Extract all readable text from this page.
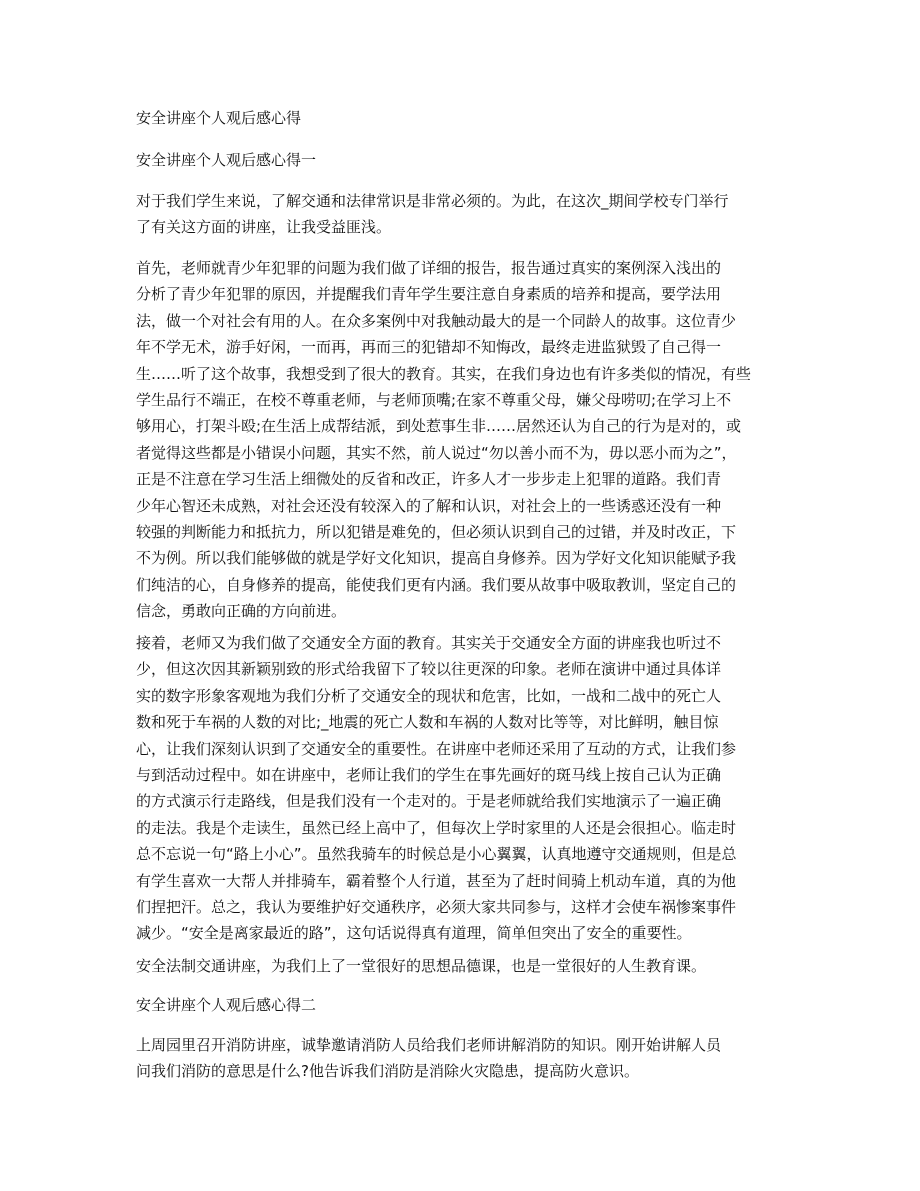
安全讲座个人观后感心得
安全讲座个人观后感心得一
对于我们学生来说，了解交通和法律常识是非常必须的。为此，在这次_期间学校专门举行
了有关这方面的讲座，让我受益匪浅。
首先，老师就青少年犯罪的问题为我们做了详细的报告，报告通过真实的案例深入浅出的
分析了青少年犯罪的原因，并提醒我们青年学生要注意自身素质的培养和提高，要学法用
法，做一个对社会有用的人。在众多案例中对我触动最大的是一个同龄人的故事。这位青少
年不学无术，游手好闲，一而再，再而三的犯错却不知悔改，最终走进监狱毁了自己得一
生……听了这个故事，我想受到了很大的教育。其实，在我们身边也有许多类似的情况，有些
学生品行不端正，在校不尊重老师，与老师顶嘴;在家不尊重父母，嫌父母唠叨;在学习上不
够用心，打架斗殴;在生活上成帮结派，到处惹事生非……居然还认为自己的行为是对的，或
者觉得这些都是小错误小问题，其实不然，前人说过“勿以善小而不为，毋以恶小而为之”，
正是不注意在学习生活上细微处的反省和改正，许多人才一步步走上犯罪的道路。我们青
少年心智还未成熟，对社会还没有较深入的了解和认识，对社会上的一些诱惑还没有一种
较强的判断能力和抵抗力，所以犯错是难免的，但必须认识到自己的过错，并及时改正，下
不为例。所以我们能够做的就是学好文化知识，提高自身修养。因为学好文化知识能赋予我
们纯洁的心，自身修养的提高，能使我们更有内涵。我们要从故事中吸取教训，坚定自己的
信念，勇敢向正确的方向前进。
接着，老师又为我们做了交通安全方面的教育。其实关于交通安全方面的讲座我也听过不
少，但这次因其新颖别致的形式给我留下了较以往更深的印象。老师在演讲中通过具体详
实的数字形象客观地为我们分析了交通安全的现状和危害，比如，一战和二战中的死亡人
数和死于车祸的人数的对比;_地震的死亡人数和车祸的人数对比等等，对比鲜明，触目惊
心，让我们深刻认识到了交通安全的重要性。在讲座中老师还采用了互动的方式，让我们参
与到活动过程中。如在讲座中，老师让我们的学生在事先画好的斑马线上按自己认为正确
的方式演示行走路线，但是我们没有一个走对的。于是老师就给我们实地演示了一遍正确
的走法。我是个走读生，虽然已经上高中了，但每次上学时家里的人还是会很担心。临走时
总不忘说一句“路上小心”。虽然我骑车的时候总是小心翼翼，认真地遵守交通规则，但是总
有学生喜欢一大帮人并排骑车，霸着整个人行道，甚至为了赶时间骑上机动车道，真的为他
们捏把汗。总之，我认为要维护好交通秩序，必须大家共同参与，这样才会使车祸惨案事件
减少。“安全是离家最近的路”，这句话说得真有道理，简单但突出了安全的重要性。
安全法制交通讲座，为我们上了一堂很好的思想品德课，也是一堂很好的人生教育课。
安全讲座个人观后感心得二
上周园里召开消防讲座，诚挚邀请消防人员给我们老师讲解消防的知识。刚开始讲解人员
问我们消防的意思是什么?他告诉我们消防是消除火灾隐患，提高防火意识。
